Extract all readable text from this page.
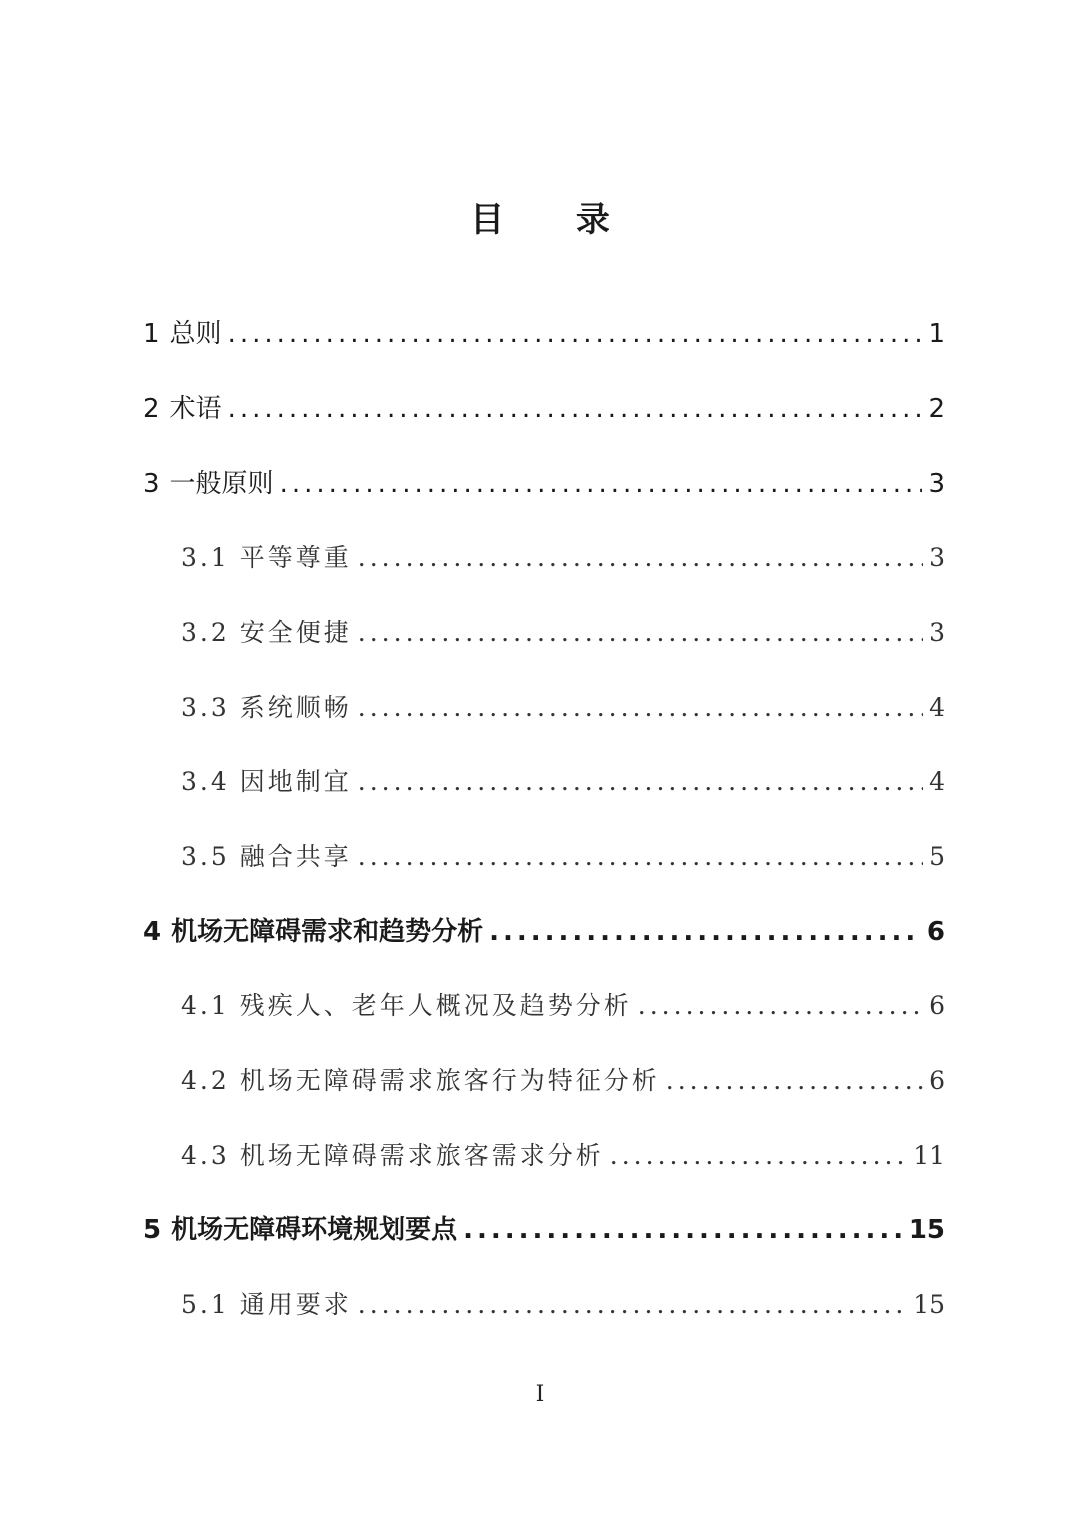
目 录
1 总则 .....	1
2 术语 .....	2
3 一般原则 .....	3
3.1 平等尊重 .....	3
3.2 安全便捷 .....	3
3.3 系统顺畅 .....	4
3.4 因地制宜 .....	4
3.5 融合共享 .....	5
4 机场无障碍需求和趋势分析 .....	6
4.1 残疾人、老年人概况及趋势分析 .....	6
4.2 机场无障碍需求旅客行为特征分析 .....	6
4.3 机场无障碍需求旅客需求分析 .....	11
5 机场无障碍环境规划要点 .....	15
5.1 通用要求 .....	15
I
